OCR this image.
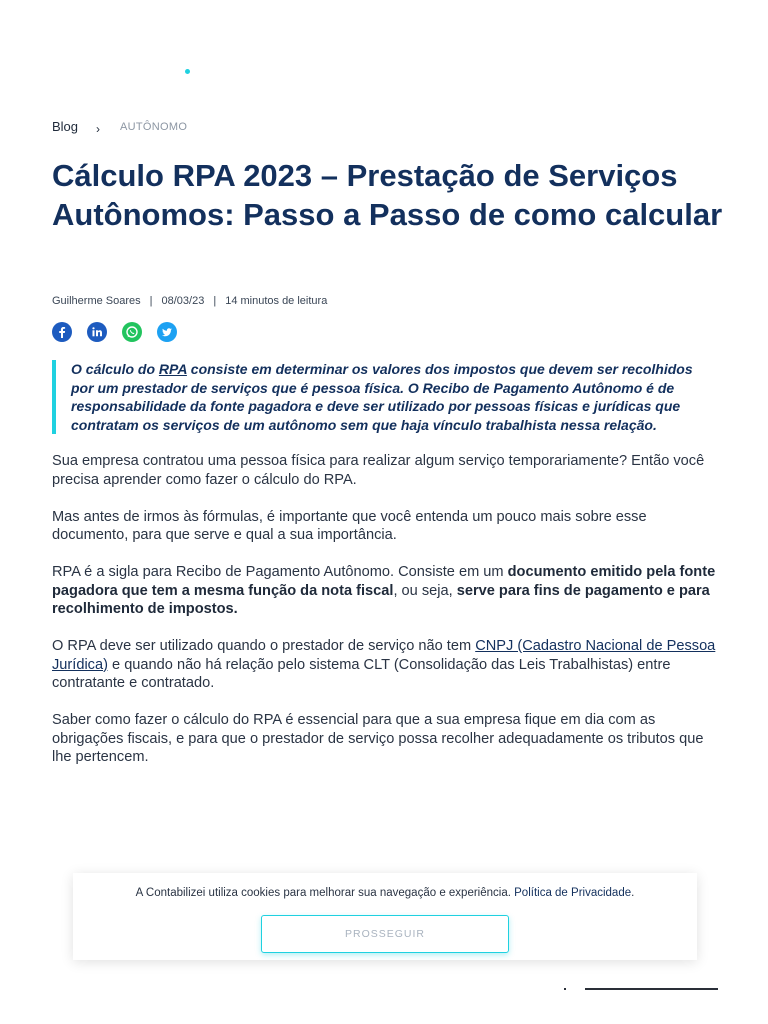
Blog › AUTÔNOMO
Cálculo RPA 2023 – Prestação de Serviços Autônomos: Passo a Passo de como calcular
Guilherme Soares | 08/03/23 | 14 minutos de leitura
O cálculo do RPA consiste em determinar os valores dos impostos que devem ser recolhidos por um prestador de serviços que é pessoa física. O Recibo de Pagamento Autônomo é de responsabilidade da fonte pagadora e deve ser utilizado por pessoas físicas e jurídicas que contratam os serviços de um autônomo sem que haja vínculo trabalhista nessa relação.

Sua empresa contratou uma pessoa física para realizar algum serviço temporariamente? Então você precisa aprender como fazer o cálculo do RPA.

Mas antes de irmos às fórmulas, é importante que você entenda um pouco mais sobre esse documento, para que serve e qual a sua importância.

RPA é a sigla para Recibo de Pagamento Autônomo. Consiste em um documento emitido pela fonte pagadora que tem a mesma função da nota fiscal, ou seja, serve para fins de pagamento e para recolhimento de impostos.

O RPA deve ser utilizado quando o prestador de serviço não tem CNPJ (Cadastro Nacional de Pessoa Jurídica) e quando não há relação pelo sistema CLT (Consolidação das Leis Trabalhistas) entre contratante e contratado.

Saber como fazer o cálculo do RPA é essencial para que a sua empresa fique em dia com as obrigações fiscais, e para que o prestador de serviço possa recolher adequadamente os tributos que lhe pertencem.

A Contabilizei utiliza cookies para melhorar sua navegação e experiência. Política de Privacidade.
PROSSEGUIR
